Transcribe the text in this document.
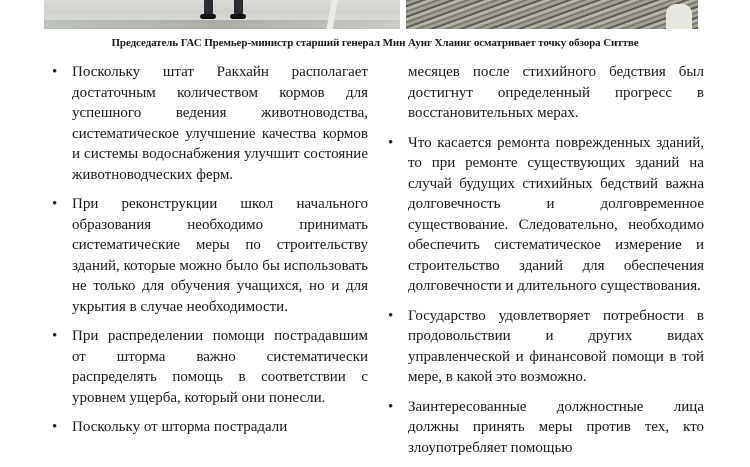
Председатель ГАС Премьер-министр старший генерал Мин Аунг Хлаинг осматривает точку обзора Ситтве
• Поскольку штат Ракхайн располагает достаточным количеством кормов для успешного ведения животноводства, систематическое улучшение качества кормов и системы водоснабжения улучшит состояние животноводческих ферм.

• При реконструкции школ начального образования необходимо принимать систематические меры по строительству зданий, которые можно было бы использовать не только для обучения учащихся, но и для укрытия в случае необходимости.

• При распределении помощи пострадавшим от шторма важно систематически распределять помощь в соответствии с уровнем ущерба, который они понесли.

• Поскольку от шторма пострадали

месяцев после стихийного бедствия был достигнут определенный прогресс в восстановительных мерах.

• Что касается ремонта поврежденных зданий, то при ремонте существующих зданий на случай будущих стихийных бедствий важна долговечность и долговременное существование. Следовательно, необходимо обеспечить систематическое измерение и строительство зданий для обеспечения долговечности и длительного существования.

• Государство удовлетворяет потребности в продовольствии и других видах управленческой и финансовой помощи в той мере, в какой это возможно.

• Заинтересованные должностные лица должны принять меры против тех, кто злоупотребляет помощью
